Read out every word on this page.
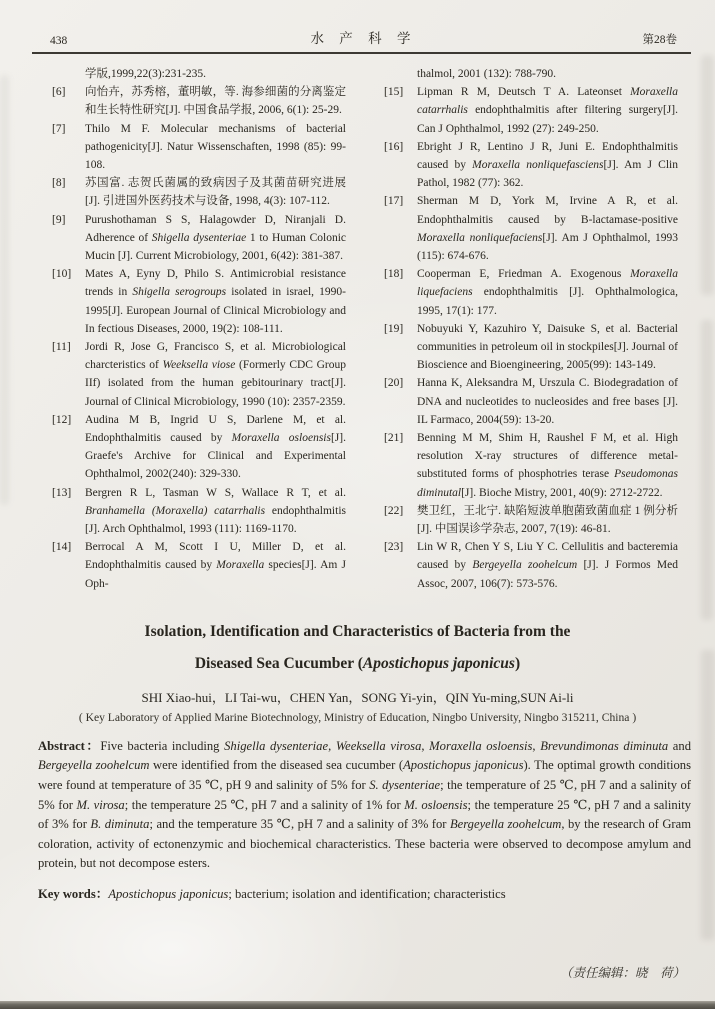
438	水 产 科 学	第28卷
学版,1999,22(3):231-235.
[6]	向怡卉，苏秀榕，董明敏，等. 海参细菌的分离鉴定和生长特性研究[J]. 中国食品学报, 2006, 6(1): 25-29.
[7]	Thilo M F. Molecular mechanisms of bacterial pathogenicity[J]. Natur Wissenschaften, 1998 (85): 99-108.
[8]	苏国富. 志贺氏菌属的致病因子及其菌苗研究进展[J]. 引进国外医药技术与设备, 1998, 4(3): 107-112.
[9]	Purushothaman S S, Halagowder D, Niranjali D. Adherence of Shigella dysenteriae 1 to Human Colonic Mucin [J]. Current Microbiology, 2001, 6(42): 381-387.
[10]	Mates A, Eyny D, Philo S. Antimicrobial resistance trends in Shigella serogroups isolated in israel, 1990-1995[J]. European Journal of Clinical Microbiology and In fectious Diseases, 2000, 19(2): 108-111.
[11]	Jordi R, Jose G, Francisco S, et al. Microbiological charcteristics of Weeksella viose (Formerly CDC Group IIf) isolated from the human gebitourinary tract[J]. Journal of Clinical Microbiology, 1990 (10): 2357-2359.
[12]	Audina M B, Ingrid U S, Darlene M, et al. Endophthalmitis caused by Moraxella osloensis[J]. Graefe's Archive for Clinical and Experimental Ophthalmol, 2002(240): 329-330.
[13]	Bergren R L, Tasman W S, Wallace R T, et al. Branhamella (Moraxella) catarrhalis endophthalmitis [J]. Arch Ophthalmol, 1993 (111): 1169-1170.
[14]	Berrocal A M, Scott I U, Miller D, et al. Endophthalmitis caused by Moraxella species[J]. Am J Oph-
thalmol, 2001 (132): 788-790.
[15]	Lipman R M, Deutsch T A. Lateonset Moraxella catarrhalis endophthalmitis after filtering surgery[J]. Can J Ophthalmol, 1992 (27): 249-250.
[16]	Ebright J R, Lentino J R, Juni E. Endophthalmitis caused by Moraxella nonliquefasciens[J]. Am J Clin Pathol, 1982 (77): 362.
[17]	Sherman M D, York M, Irvine A R, et al. Endophthalmitis caused by B-lactamase-positive Moraxella nonliquefaciens[J]. Am J Ophthalmol, 1993 (115): 674-676.
[18]	Cooperman E, Friedman A. Exogenous Moraxella liquefaciens endophthalmitis [J]. Ophthalmologica, 1995, 17(1): 177.
[19]	Nobuyuki Y, Kazuhiro Y, Daisuke S, et al. Bacterial communities in petroleum oil in stockpiles[J]. Journal of Bioscience and Bioengineering, 2005(99): 143-149.
[20]	Hanna K, Aleksandra M, Urszula C. Biodegradation of DNA and nucleotides to nucleosides and free bases [J]. IL Farmaco, 2004(59): 13-20.
[21]	Benning M M, Shim H, Raushel F M, et al. High resolution X-ray structures of difference metal-substituted forms of phosphotries terase Pseudomonas diminutal[J]. Bioche Mistry, 2001, 40(9): 2712-2722.
[22]	樊卫红，王北宁. 缺陷短波单胞菌致菌血症 1 例分析[J]. 中国误诊学杂志, 2007, 7(19): 46-81.
[23]	Lin W R, Chen Y S, Liu Y C. Cellulitis and bacteremia caused by Bergeyella zoohelcum [J]. J Formos Med Assoc, 2007, 106(7): 573-576.
Isolation, Identification and Characteristics of Bacteria from the
Diseased Sea Cucumber (Apostichopus japonicus)
SHI Xiao-hui，LI Tai-wu，CHEN Yan，SONG Yi-yin，QIN Yu-ming,SUN Ai-li
( Key Laboratory of Applied Marine Biotechnology, Ministry of Education, Ningbo University, Ningbo 315211, China )

Abstract：Five bacteria including Shigella dysenteriae, Weeksella virosa, Moraxella osloensis, Brevundimonas diminuta and Bergeyella zoohelcum were identified from the diseased sea cucumber (Apostichopus japonicus). The optimal growth conditions were found at temperature of 35 ℃, pH 9 and salinity of 5% for S. dysenteriae; the temperature of 25 ℃, pH 7 and a salinity of 5% for M. virosa; the temperature 25 ℃, pH 7 and a salinity of 1% for M. osloensis; the temperature 25 ℃, pH 7 and a salinity of 3% for B. diminuta; and the temperature 35 ℃, pH 7 and a salinity of 3% for Bergeyella zoohelcum, by the research of Gram coloration, activity of ectonenzymic and biochemical characteristics. These bacteria were observed to decompose amylum and protein, but not decompose esters.

Key words：Apostichopus japonicus; bacterium; isolation and identification; characteristics

（责任编辑：晓　荷）
